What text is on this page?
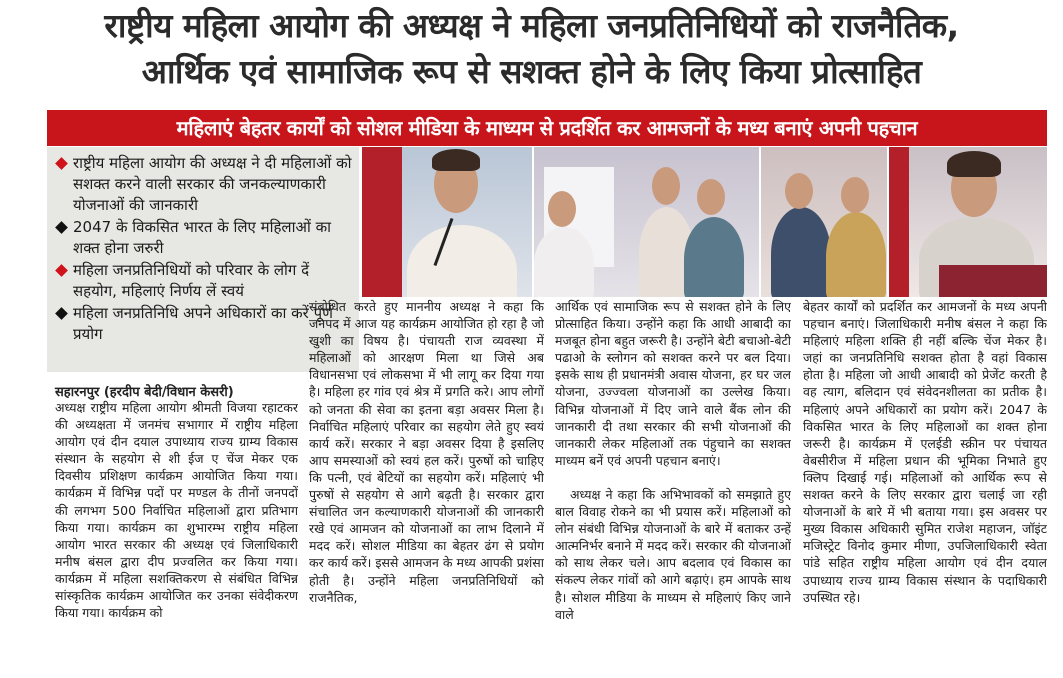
राष्ट्रीय महिला आयोग की अध्यक्ष ने महिला जनप्रतिनिधियों को राजनैतिक,
आर्थिक एवं सामाजिक रूप से सशक्त होने के लिए किया प्रोत्साहित
महिलाएं बेहतर कार्यों को सोशल मीडिया के माध्यम से प्रदर्शित कर आमजनों के मध्य बनाएं अपनी पहचान
राष्ट्रीय महिला आयोग की अध्यक्ष ने दी महिलाओं को सशक्त करने वाली सरकार की जनकल्याणकारी योजनाओं की जानकारी
2047 के विकसित भारत के लिए महिलाओं का शक्त होना जरुरी
महिला जनप्रतिनिधियों को परिवार के लोग दें सहयोग, महिलाएं निर्णय लें स्वयं
महिला जनप्रतिनिधि अपने अधिकारों का करें पूर्ण प्रयोग
सहारनपुर (हरदीप बेदी/विधान केसरी)

अध्यक्ष राष्ट्रीय महिला आयोग श्रीमती विजया रहाटकर की अध्यक्षता में जनमंच सभागार में राष्ट्रीय महिला आयोग एवं दीन दयाल उपाध्याय राज्य ग्राम्य विकास संस्थान के सहयोग से शी ईज ए चेंज मेकर एक दिवसीय प्रशिक्षण कार्यक्रम आयोजित किया गया। कार्यक्रम में विभिन्न पदों पर मण्डल के तीनों जनपदों की लगभग 500 निर्वाचित महिलाओं द्वारा प्रतिभाग किया गया। कार्यक्रम का शुभारम्भ राष्ट्रीय महिला आयोग भारत सरकार की अध्यक्ष एवं जिलाधिकारी मनीष बंसल द्वारा दीप प्रज्वलित कर किया गया। कार्यक्रम में महिला सशक्तिकरण से संबंधित विभिन्न सांस्कृतिक कार्यक्रम आयोजित कर उनका संवेदीकरण किया गया। कार्यक्रम को

संबोधित करते हुए माननीय अध्यक्ष ने कहा कि जनपद में आज यह कार्यक्रम आयोजित हो रहा है जो खुशी का विषय है। पंचायती राज व्यवस्था में महिलाओं को आरक्षण मिला था जिसे अब विधानसभा एवं लोकसभा में भी लागू कर दिया गया है। महिला हर गांव एवं श्रेत्र में प्रगति करे। आप लोगों को जनता की सेवा का इतना बड़ा अवसर मिला है। निर्वाचित महिलाएं परिवार का सहयोग लेते हुए स्वयं कार्य करें। सरकार ने बड़ा अवसर दिया है इसलिए आप समस्याओं को स्वयं हल करें। पुरुषों को चाहिए कि पत्नी, एवं बेटियों का सहयोग करें। महिलाएं भी पुरुषों से सहयोग से आगे बढ़ती है। सरकार द्वारा संचालित जन कल्याणकारी योजनाओं की जानकारी रखे एवं आमजन को योजनाओं का लाभ दिलाने में मदद करें। सोशल मीडिया का बेहतर ढंग से प्रयोग कर कार्य करें। इससे आमजन के मध्य आपकी प्रशंसा होती है। उन्होंने महिला जनप्रतिनिधियों को राजनैतिक,

आर्थिक एवं सामाजिक रूप से सशक्त होने के लिए प्रोत्साहित किया। उन्होंने कहा कि आधी आबादी का मजबूत होना बहुत जरूरी है। उन्होंने बेटी बचाओ-बेटी पढाओ के स्लोगन को सशक्त करने पर बल दिया। इसके साथ ही प्रधानमंत्री अवास योजना, हर घर जल योजना, उज्ज्वला योजनाओं का उल्लेख किया। विभिन्न योजनाओं में दिए जाने वाले बैंक लोन की जानकारी दी तथा सरकार की सभी योजनाओं की जानकारी लेकर महिलाओं तक पंहुचाने का सशक्त माध्यम बनें एवं अपनी पहचान बनाएं।

अध्यक्ष ने कहा कि अभिभावकों को समझाते हुए बाल विवाह रोकने का भी प्रयास करें। महिलाओं को लोन संबंधी विभिन्न योजनाओं के बारे में बताकर उन्हें आत्मनिर्भर बनाने में मदद करें। सरकार की योजनाओं को साथ लेकर चले। आप बदलाव एवं विकास का संकल्प लेकर गांवों को आगे बढ़ाएं। हम आपके साथ है। सोशल मीडिया के माध्यम से महिलाएं किए जाने वाले

बेहतर कार्यों को प्रदर्शित कर आमजनों के मध्य अपनी पहचान बनाएं। जिलाधिकारी मनीष बंसल ने कहा कि महिलाएं महिला शक्ति ही नहीं बल्कि चेंज मेकर है। जहां का जनप्रतिनिधि सशक्त होता है वहां विकास होता है। महिला जो आधी आबादी को प्रेजेंट करती है वह त्याग, बलिदान एवं संवेदनशीलता का प्रतीक है। महिलाएं अपने अधिकारों का प्रयोग करें। 2047 के विकसित भारत के लिए महिलाओं का शक्त होना जरूरी है। कार्यक्रम में एलईडी स्क्रीन पर पंचायत वेबसीरीज में महिला प्रधान की भूमिका निभाते हुए क्लिप दिखाई गई। महिलाओं को आर्थिक रूप से सशक्त करने के लिए सरकार द्वारा चलाई जा रही योजनाओं के बारे में भी बताया गया। इस अवसर पर मुख्य विकास अधिकारी सुमित राजेश महाजन, जॉइंट मजिस्ट्रेट विनोद कुमार मीणा, उपजिलाधिकारी स्वेता पांडे सहित राष्ट्रीय महिला आयोग एवं दीन दयाल उपाध्याय राज्य ग्राम्य विकास संस्थान के पदाधिकारी उपस्थित रहे।
